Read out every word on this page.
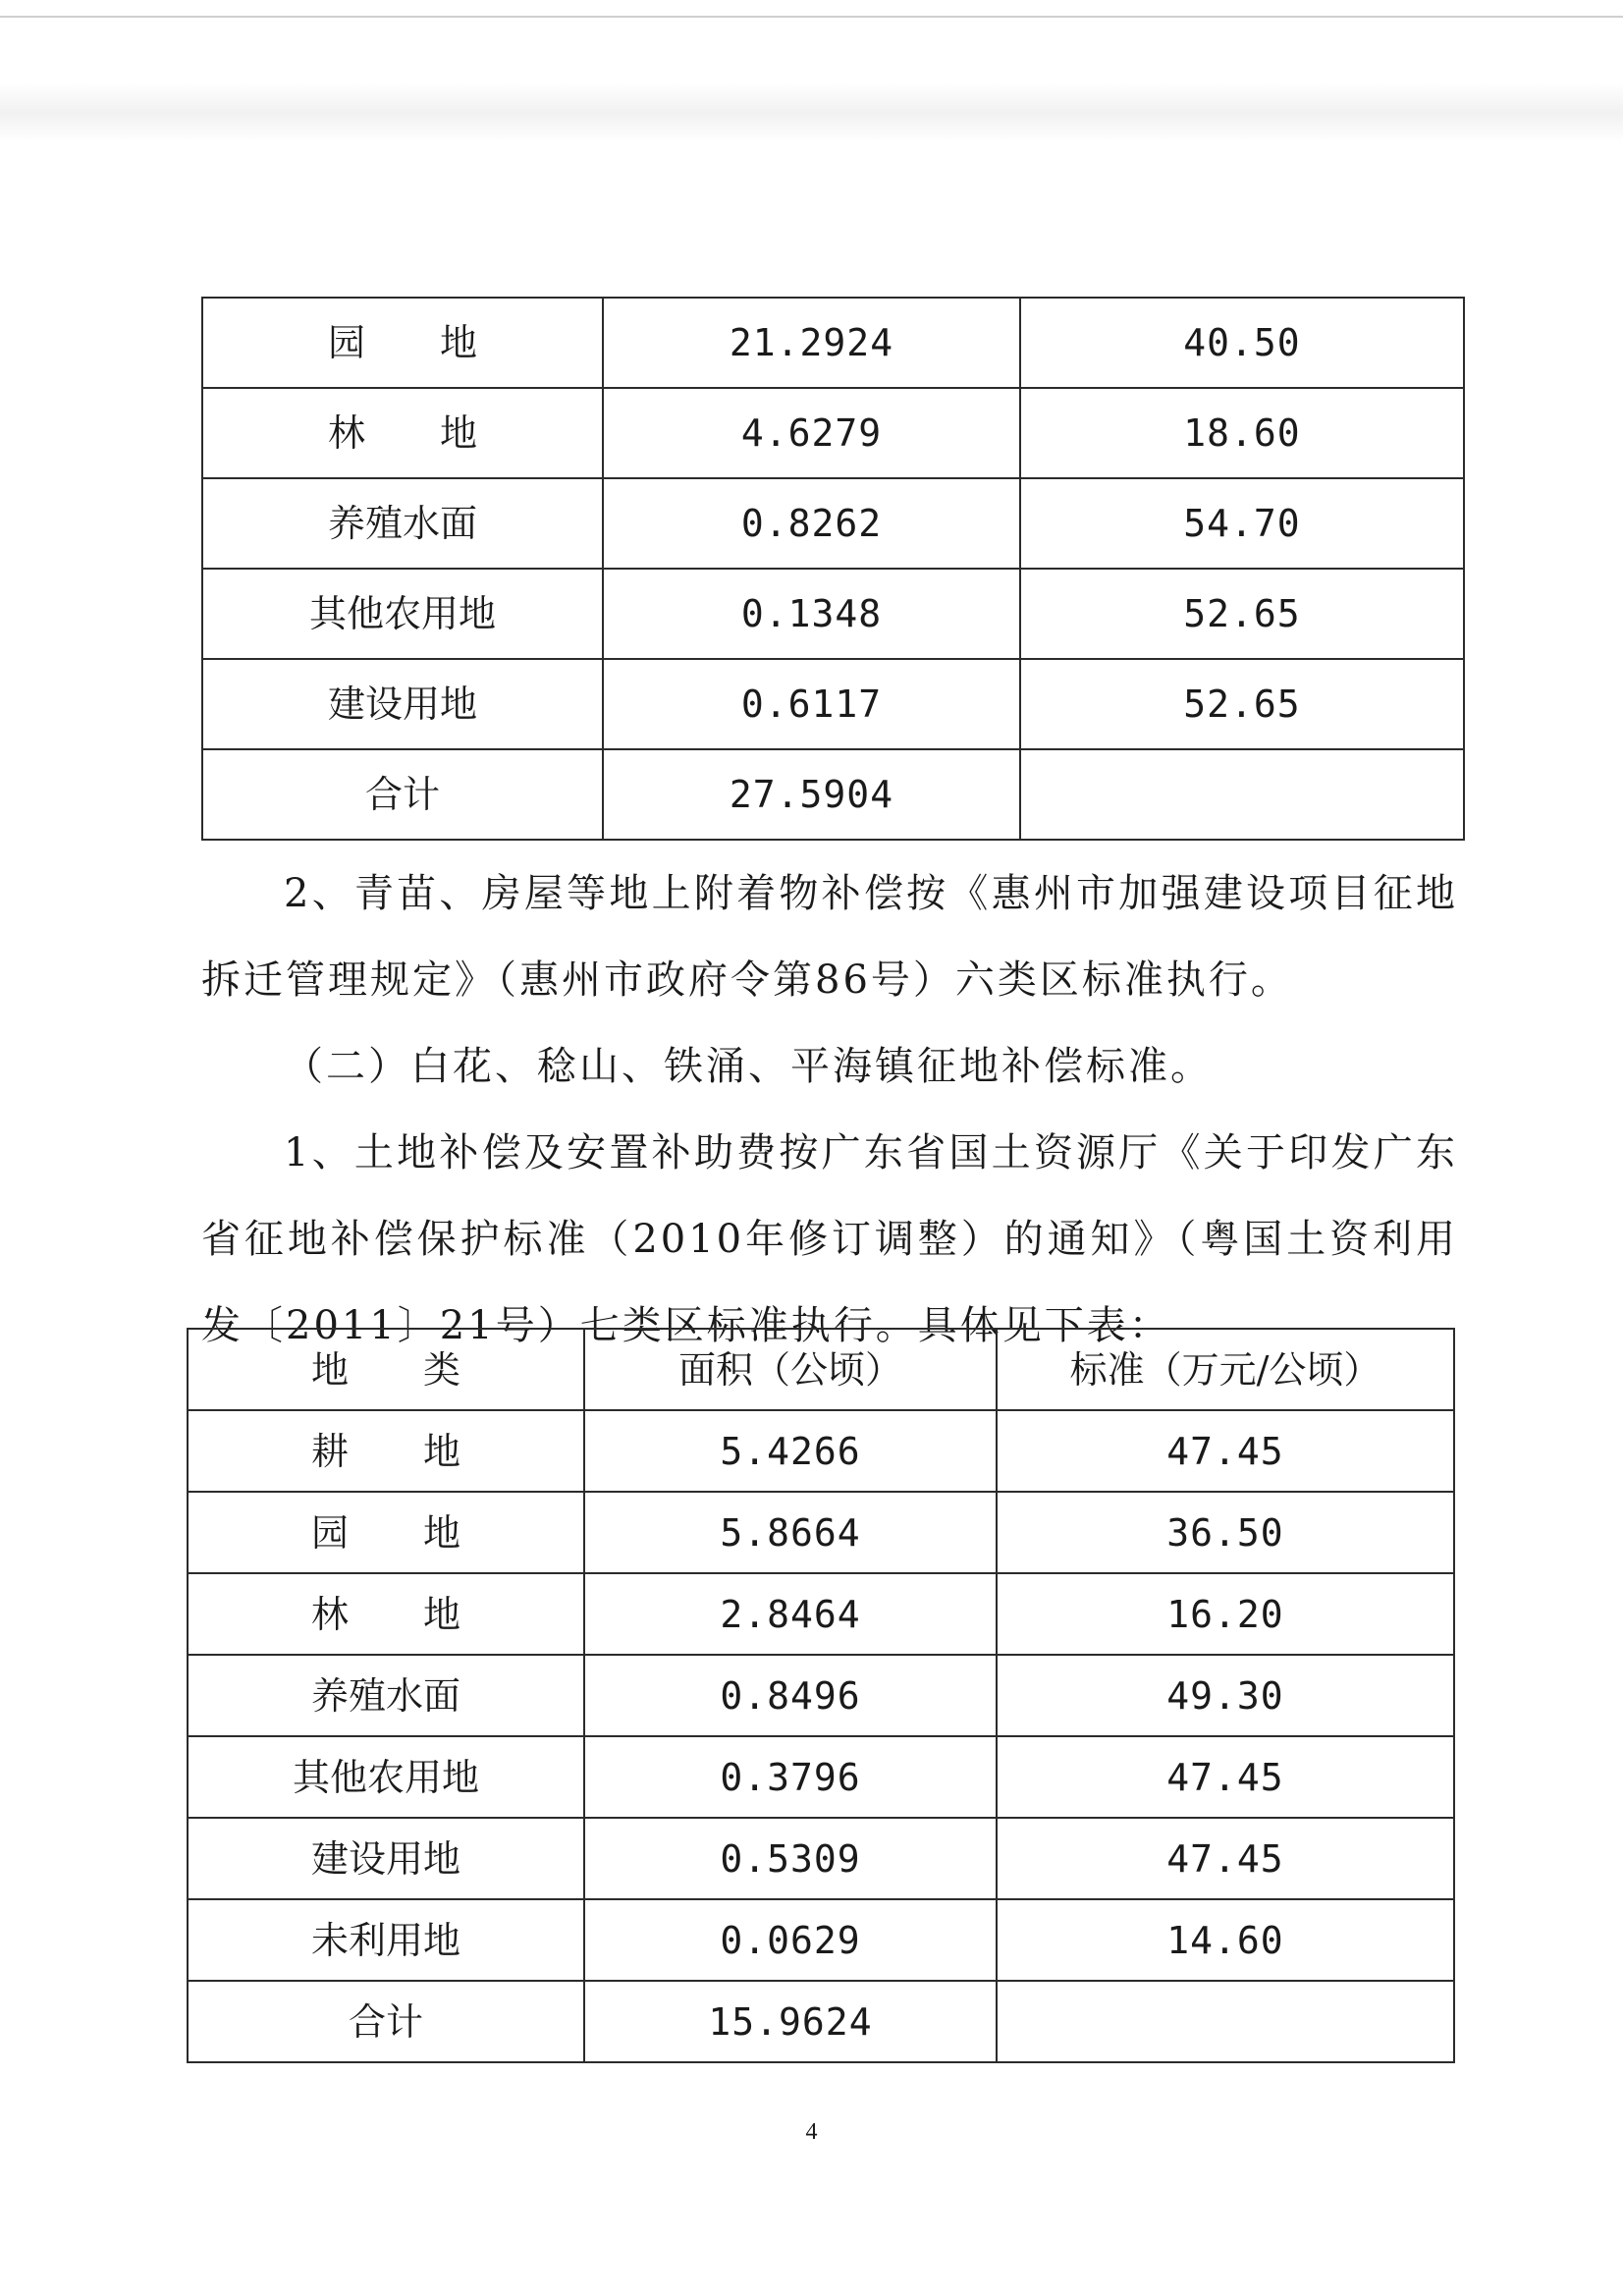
园　　地	21.2924	40.50
林　　地	4.6279	18.60
养殖水面	0.8262	54.70
其他农用地	0.1348	52.65
建设用地	0.6117	52.65
合计	27.5904	

2、青苗、房屋等地上附着物补偿按《惠州市加强建设项目征地拆迁管理规定》（惠州市政府令第86号）六类区标准执行。

（二）白花、稔山、铁涌、平海镇征地补偿标准。

1、土地补偿及安置补助费按广东省国土资源厅《关于印发广东省征地补偿保护标准（2010年修订调整）的通知》（粤国土资利用发〔2011〕21号）七类区标准执行。具体见下表：

地　　类	面积（公顷）	标准（万元/公顷）
耕　　地	5.4266	47.45
园　　地	5.8664	36.50
林　　地	2.8464	16.20
养殖水面	0.8496	49.30
其他农用地	0.3796	47.45
建设用地	0.5309	47.45
未利用地	0.0629	14.60
合计	15.9624	
4
